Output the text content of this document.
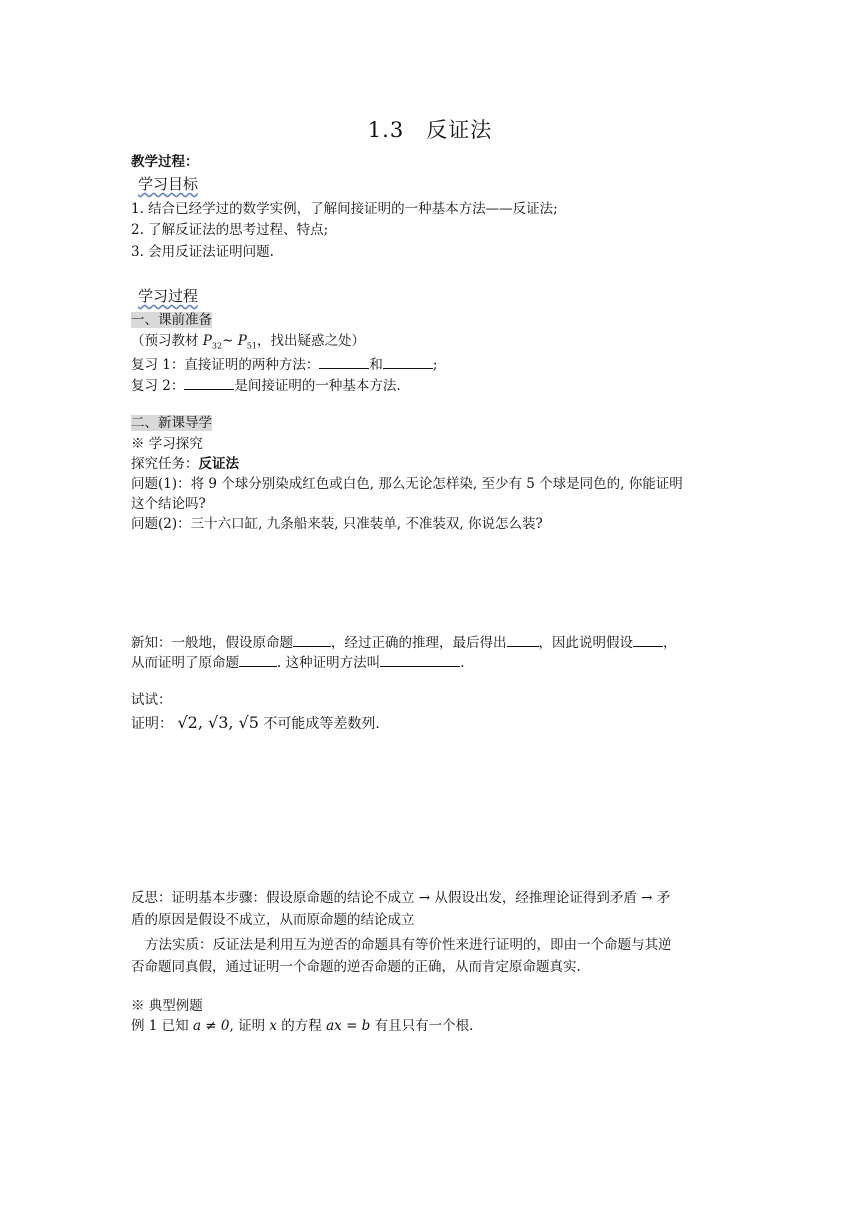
1.3　反证法
教学过程：
学习目标
1. 结合已经学过的数学实例，了解间接证明的一种基本方法——反证法;
2. 了解反证法的思考过程、特点;
3. 会用反证法证明问题.
学习过程
一、课前准备
（预习教材 $P_{32}\sim$ $P_{51}$，找出疑惑之处）
复习 1：直接证明的两种方法：	和	;
复习 2：	是间接证明的一种基本方法.
二、新课导学
※ 学习探究
探究任务：反证法
问题(1)：将 9 个球分别染成红色或白色, 那么无论怎样染, 至少有 5 个球是同色的, 你能证明
这个结论吗?
问题(2)：三十六口缸, 九条船来装, 只准装单, 不准装双, 你说怎么装?
新知：一般地，假设原命题	，经过正确的推理，最后得出 ，因此说明假设 ，
从而证明了原命题	. 这种证明方法叫	.
试试：
证明： √2, √3, √5 不可能成等差数列.
反思：证明基本步骤：假设原命题的结论不成立 → 从假设出发，经推理论证得到矛盾 → 矛
盾的原因是假设不成立，从而原命题的结论成立
方法实质：反证法是利用互为逆否的命题具有等价性来进行证明的，即由一个命题与其逆
否命题同真假，通过证明一个命题的逆否命题的正确，从而肯定原命题真实.
※ 典型例题
例 1 已知 a ≠ 0, 证明 x 的方程 ax = b 有且只有一个根.
